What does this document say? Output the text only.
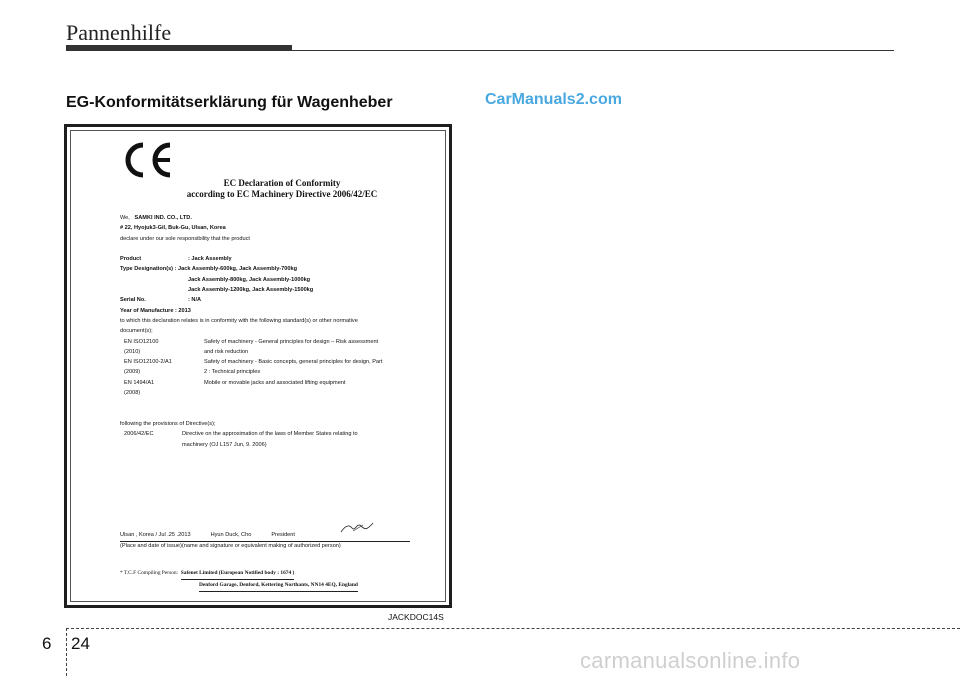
Pannenhilfe
EG-Konformitätserklärung für Wagenheber	CarManuals2.com
EC Declaration of Conformity
according to EC Machinery Directive 2006/42/EC
We, SAMKI IND. CO., LTD.
# 22, Hyojuk3-Gil, Buk-Gu, Ulsan, Korea
declare under our sole responsibility that the product

Product	: Jack Assembly
Type Designation(s) : Jack Assembly-600kg, Jack Assembly-700kg
Jack Assembly-800kg, Jack Assembly-1000kg
Jack Assembly-1200kg, Jack Assembly-1500kg
Serial No.	: N/A
Year of Manufacture : 2013
to which this declaration relates is in conformity with the following standard(s) or other normative
document(s);
EN ISO12100	Safety of machinery - General principles for design – Risk assessment
(2010)	and risk reduction
EN ISO12100-2/A1	Safety of machinery - Basic concepts, general principles for design, Part
(2009)	2 : Technical principles
EN 1494/A1	Mobile or movable jacks and associated lifting equipment
(2008)

following the provisions of Directive(s);
2006/42/EC	Directive on the approximation of the laws of Member States relating to
machinery (OJ L157 Jun, 9. 2006)
Ulsan , Korea / Jul .25 .2013	Hyun Duck, Cho	President
(Place and date of issue)(name and signature or equivalent making of authorized person)
* T.C.F Compiling Person: Safenet Limited (European Notified body : 1674 )
Denford Garage, Denford, Kettering Northants, NN14 4EQ, England
JACKDOC14S
6 24
carmanualsonline.info
